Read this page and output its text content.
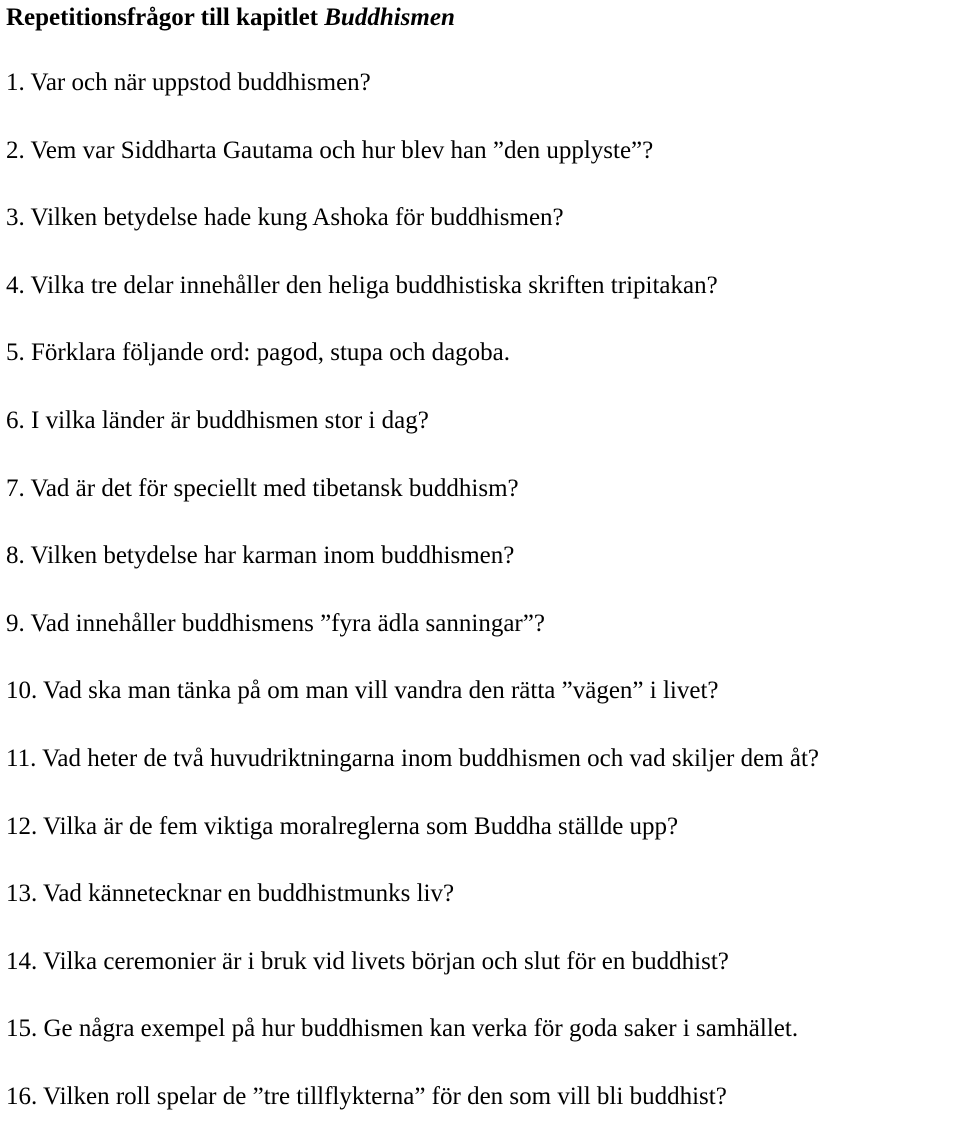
Repetitionsfrågor till kapitlet Buddhismen
1. Var och när uppstod buddhismen?
2. Vem var Siddharta Gautama och hur blev han ”den upplyste”?
3. Vilken betydelse hade kung Ashoka för buddhismen?
4. Vilka tre delar innehåller den heliga buddhistiska skriften tripitakan?
5. Förklara följande ord: pagod, stupa och dagoba.
6. I vilka länder är buddhismen stor i dag?
7. Vad är det för speciellt med tibetansk buddhism?
8. Vilken betydelse har karman inom buddhismen?
9. Vad innehåller buddhismens ”fyra ädla sanningar”?
10. Vad ska man tänka på om man vill vandra den rätta ”vägen” i livet?
11. Vad heter de två huvudriktningarna inom buddhismen och vad skiljer dem åt?
12. Vilka är de fem viktiga moralreglerna som Buddha ställde upp?
13. Vad kännetecknar en buddhistmunks liv?
14. Vilka ceremonier är i bruk vid livets början och slut för en buddhist?
15. Ge några exempel på hur buddhismen kan verka för goda saker i samhället.
16. Vilken roll spelar de ”tre tillflykterna” för den som vill bli buddhist?
